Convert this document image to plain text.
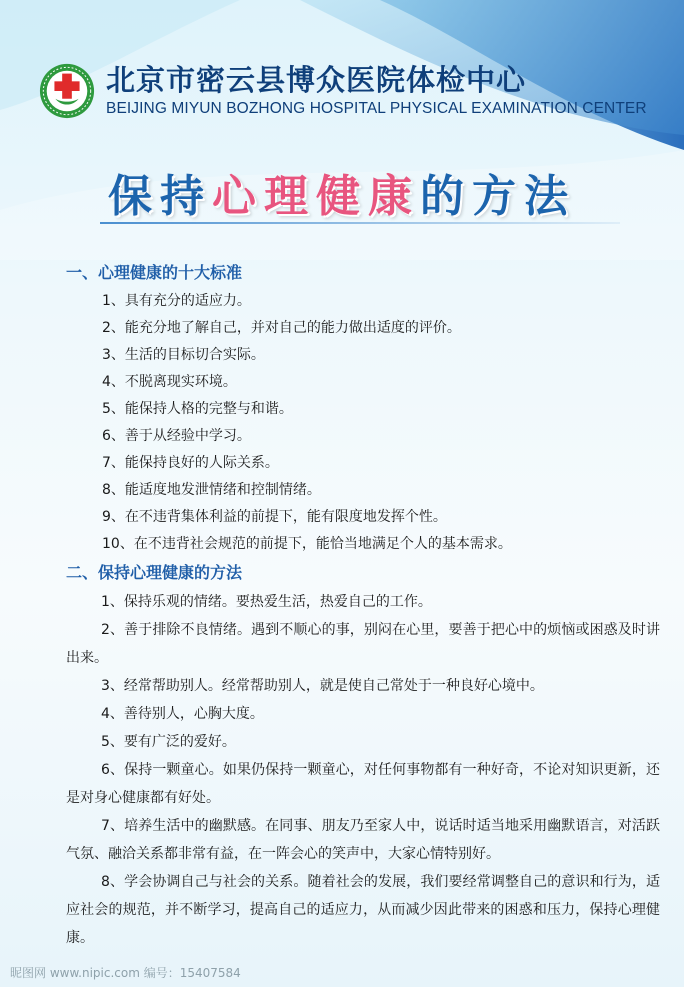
北京市密云县博众医院体检中心
BEIJING MIYUN BOZHONG HOSPITAL PHYSICAL EXAMINATION CENTER
保持心理健康的方法
一、心理健康的十大标准
1、具有充分的适应力。
2、能充分地了解自己，并对自己的能力做出适度的评价。
3、生活的目标切合实际。
4、不脱离现实环境。
5、能保持人格的完整与和谐。
6、善于从经验中学习。
7、能保持良好的人际关系。
8、能适度地发泄情绪和控制情绪。
9、在不违背集体利益的前提下，能有限度地发挥个性。
10、在不违背社会规范的前提下，能恰当地满足个人的基本需求。
二、保持心理健康的方法
1、保持乐观的情绪。要热爱生活，热爱自己的工作。
2、善于排除不良情绪。遇到不顺心的事，别闷在心里，要善于把心中的烦恼或困惑及时讲 出来。
3、经常帮助别人。经常帮助别人，就是使自己常处于一种良好心境中。
4、善待别人，心胸大度。
5、要有广泛的爱好。
6、保持一颗童心。如果仍保持一颗童心，对任何事物都有一种好奇，不论对知识更新，还是对身心健康都有好处。
7、培养生活中的幽默感。在同事、朋友乃至家人中，说话时适当地采用幽默语言，对活跃气氛、融洽关系都非常有益，在一阵会心的笑声中，大家心情特别好。
8、学会协调自己与社会的关系。随着社会的发展，我们要经常调整自己的意识和行为，适应社会的规范，并不断学习，提高自己的适应力，从而减少因此带来的困惑和压力，保持心理健康。
昵图网 www.nipic.com 编号：15407584
